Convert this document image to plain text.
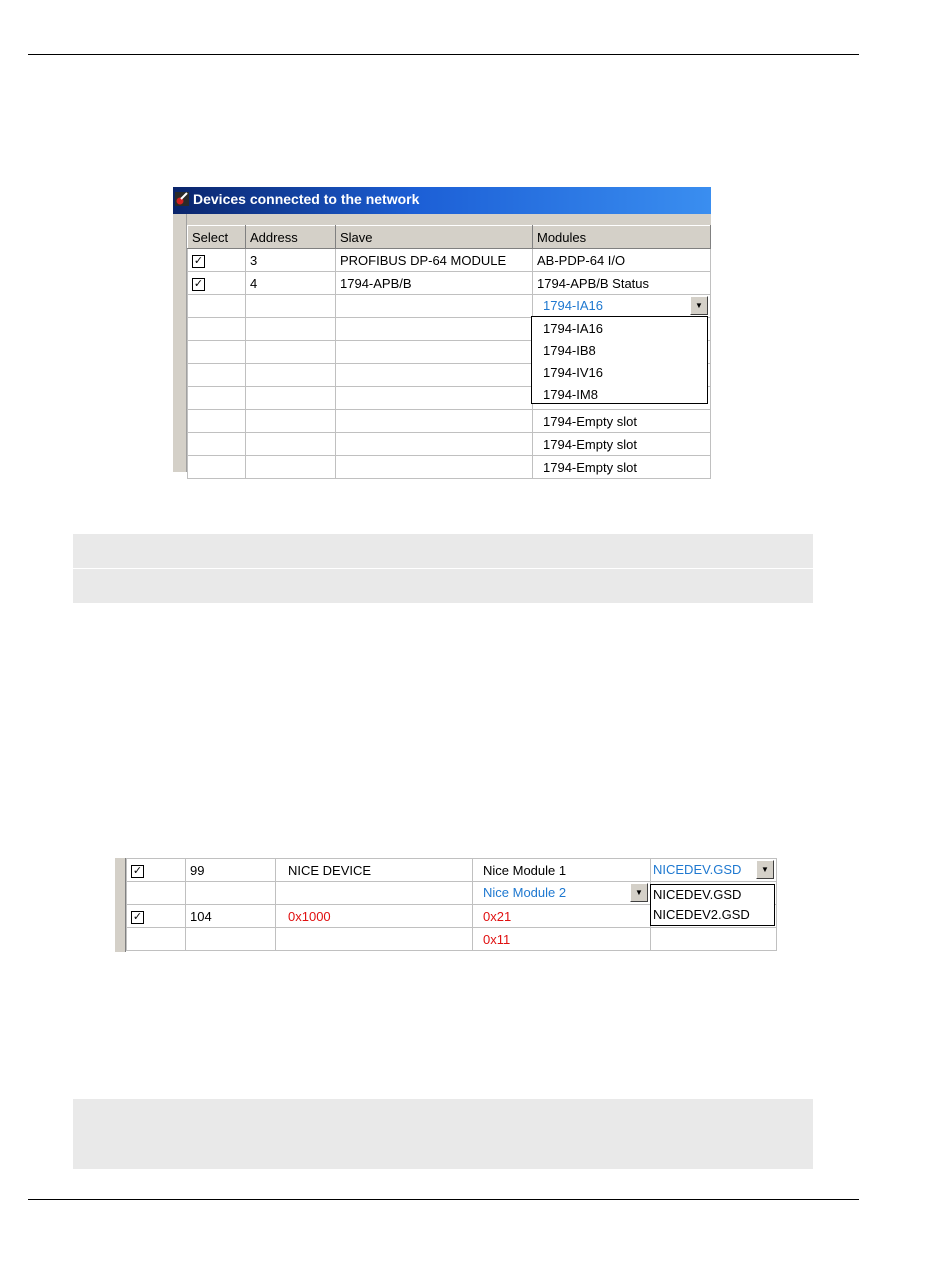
Devices connected to the network
Select	Address	Slave	Modules
✓	3	PROFIBUS DP-64 MODULE	AB-PDP-64 I/O
✓	4	1794-APB/B	1794-APB/B Status

			1794-IA16 ▼

			1794-Empty slot
			1794-Empty slot
			1794-Empty slot
1794-IA16
1794-IB8
1794-IV16
1794-IM8
✓	99	NICE DEVICE	Nice Module 1	NICEDEV.GSD ▼

			Nice Module 2 ▼	

✓	104	0x1000	0x21	
			0x11	
NICEDEV.GSD
NICEDEV2.GSD
